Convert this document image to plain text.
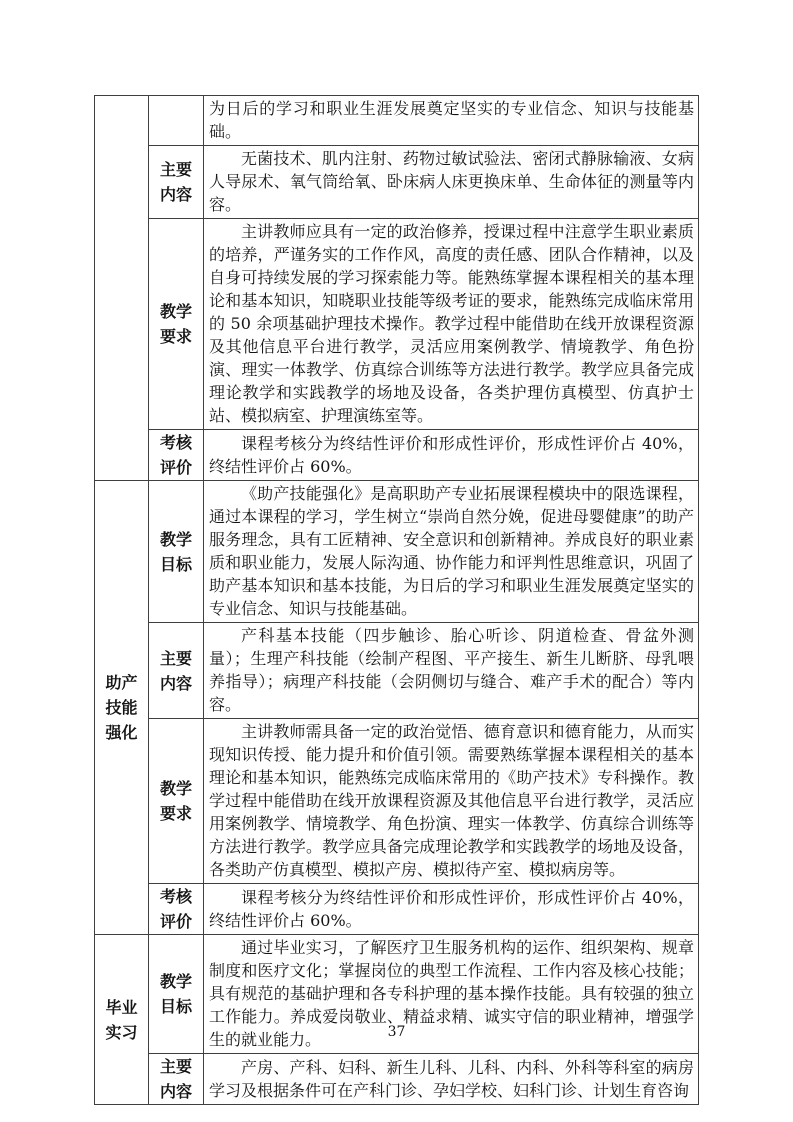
		为日后的学习和职业生涯发展奠定坚实的专业信念、知识与技能基础。
	主要内容	无菌技术、肌内注射、药物过敏试验法、密闭式静脉输液、女病人导尿术、氧气筒给氧、卧床病人床更换床单、生命体征的测量等内容。
	教学要求	主讲教师应具有一定的政治修养，授课过程中注意学生职业素质的培养，严谨务实的工作作风，高度的责任感、团队合作精神，以及自身可持续发展的学习探索能力等。能熟练掌握本课程相关的基本理论和基本知识，知晓职业技能等级考证的要求，能熟练完成临床常用的 50 余项基础护理技术操作。教学过程中能借助在线开放课程资源及其他信息平台进行教学，灵活应用案例教学、情境教学、角色扮演、理实一体教学、仿真综合训练等方法进行教学。教学应具备完成理论教学和实践教学的场地及设备，各类护理仿真模型、仿真护士站、模拟病室、护理演练室等。
	考核评价	课程考核分为终结性评价和形成性评价，形成性评价占 40%，终结性评价占 60%。
助产技能强化	教学目标	《助产技能强化》是高职助产专业拓展课程模块中的限选课程，通过本课程的学习，学生树立“崇尚自然分娩，促进母婴健康”的助产服务理念，具有工匠精神、安全意识和创新精神。养成良好的职业素质和职业能力，发展人际沟通、协作能力和评判性思维意识，巩固了助产基本知识和基本技能，为日后的学习和职业生涯发展奠定坚实的专业信念、知识与技能基础。
	主要内容	产科基本技能（四步触诊、胎心听诊、阴道检查、骨盆外测量）；生理产科技能（绘制产程图、平产接生、新生儿断脐、母乳喂养指导）；病理产科技能（会阴侧切与缝合、难产手术的配合）等内容。
	教学要求	主讲教师需具备一定的政治觉悟、德育意识和德育能力，从而实现知识传授、能力提升和价值引领。需要熟练掌握本课程相关的基本理论和基本知识，能熟练完成临床常用的《助产技术》专科操作。教学过程中能借助在线开放课程资源及其他信息平台进行教学，灵活应用案例教学、情境教学、角色扮演、理实一体教学、仿真综合训练等方法进行教学。教学应具备完成理论教学和实践教学的场地及设备，各类助产仿真模型、模拟产房、模拟待产室、模拟病房等。
	考核评价	课程考核分为终结性评价和形成性评价，形成性评价占 40%，终结性评价占 60%。
毕业实习	教学目标	通过毕业实习，了解医疗卫生服务机构的运作、组织架构、规章制度和医疗文化；掌握岗位的典型工作流程、工作内容及核心技能；具有规范的基础护理和各专科护理的基本操作技能。具有较强的独立工作能力。养成爱岗敬业、精益求精、诚实守信的职业精神，增强学生的就业能力。
	主要内容	产房、产科、妇科、新生儿科、儿科、内科、外科等科室的病房学习及根据条件可在产科门诊、孕妇学校、妇科门诊、计划生育咨询
37
